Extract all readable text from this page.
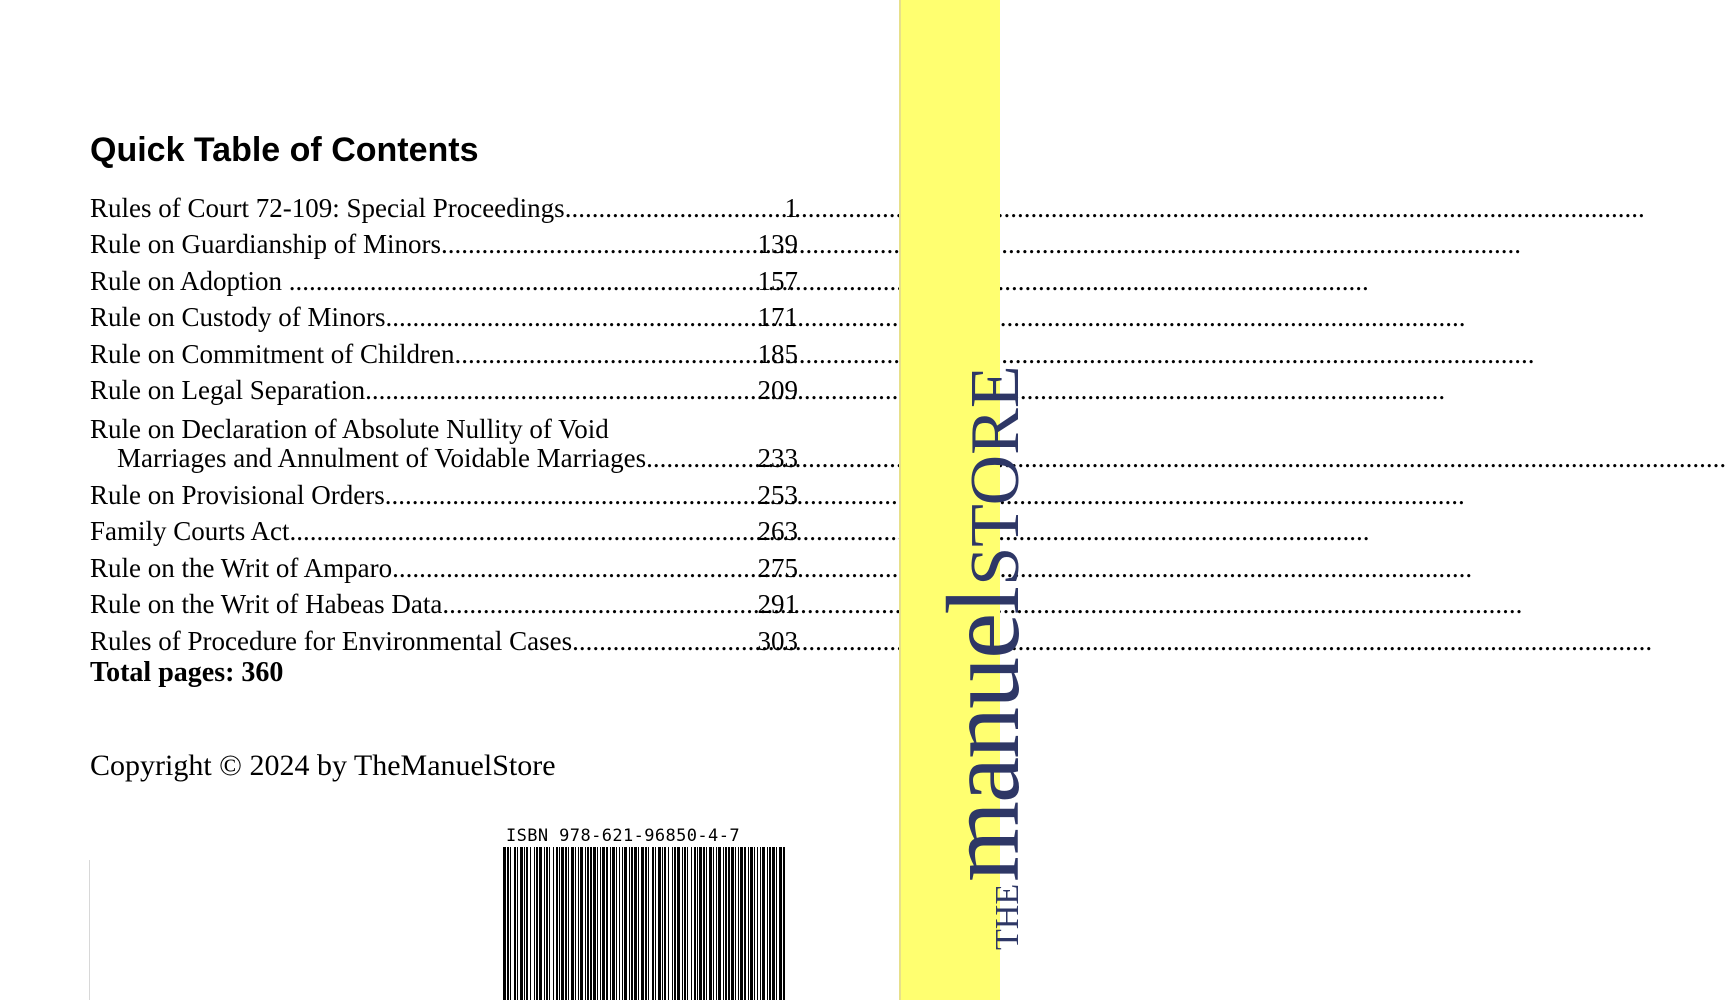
Quick Table of Contents
Rules of Court 72-109: Special Proceedings .....	1
Rule on Guardianship of Minors .....	139
Rule on Adoption .....	157
Rule on Custody of Minors .....	171
Rule on Commitment of Children .....	185
Rule on Legal Separation .....	209
Rule on Declaration of Absolute Nullity of Void
Marriages and Annulment of Voidable Marriages .....	233
Rule on Provisional Orders .....	253
Family Courts Act .....	263
Rule on the Writ of Amparo .....	275
Rule on the Writ of Habeas Data .....	291
Rules of Procedure for Environmental Cases .....	303
Total pages: 360
Copyright © 2024 by TheManuelStore
ISBN 978-621-96850-4-7
THE
manuel
STORE
